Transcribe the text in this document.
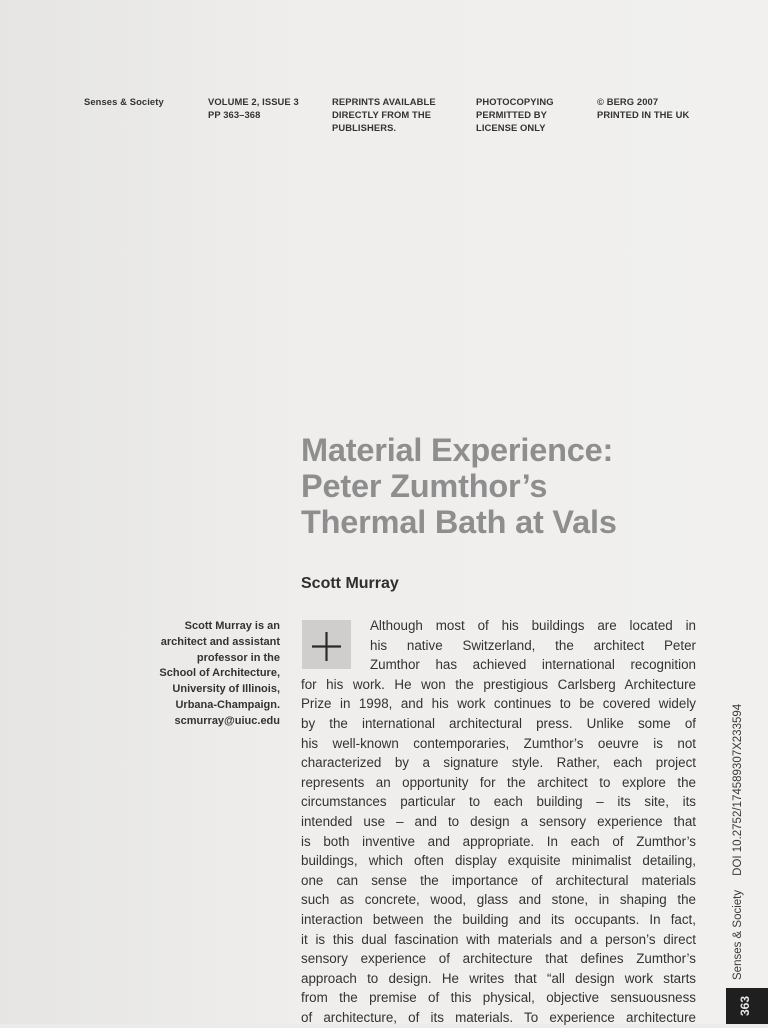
Senses & Society	VOLUME 2, ISSUE 3
PP 363–368
REPRINTS AVAILABLE
DIRECTLY FROM THE
PUBLISHERS.
PHOTOCOPYING
PERMITTED BY
LICENSE ONLY
© BERG 2007
PRINTED IN THE UK
Material Experience:
Peter Zumthor’s
Thermal Bath at Vals
Scott Murray
Scott Murray is an
architect and assistant
professor in the
School of Architecture,
University of Illinois,
Urbana-Champaign.
scmurray@uiuc.edu
Although most of his buildings are located in
his native Switzerland, the architect Peter
Zumthor has achieved international recognition
for his work. He won the prestigious Carlsberg Architecture
Prize in 1998, and his work continues to be covered widely
by the international architectural press. Unlike some of
his well-known contemporaries, Zumthor’s oeuvre is not
characterized by a signature style. Rather, each project
represents an opportunity for the architect to explore the
circumstances particular to each building – its site, its
intended use – and to design a sensory experience that
is both inventive and appropriate. In each of Zumthor’s
buildings, which often display exquisite minimalist detailing,
one can sense the importance of architectural materials
such as concrete, wood, glass and stone, in shaping the
interaction between the building and its occupants. In fact,
it is this dual fascination with materials and a person’s direct
sensory experience of architecture that defines Zumthor’s
approach to design. He writes that “all design work starts
from the premise of this physical, objective sensuousness
of architecture, of its materials. To experience architecture
Senses & SocietyDOI 10.2752/174589307X233594
363
